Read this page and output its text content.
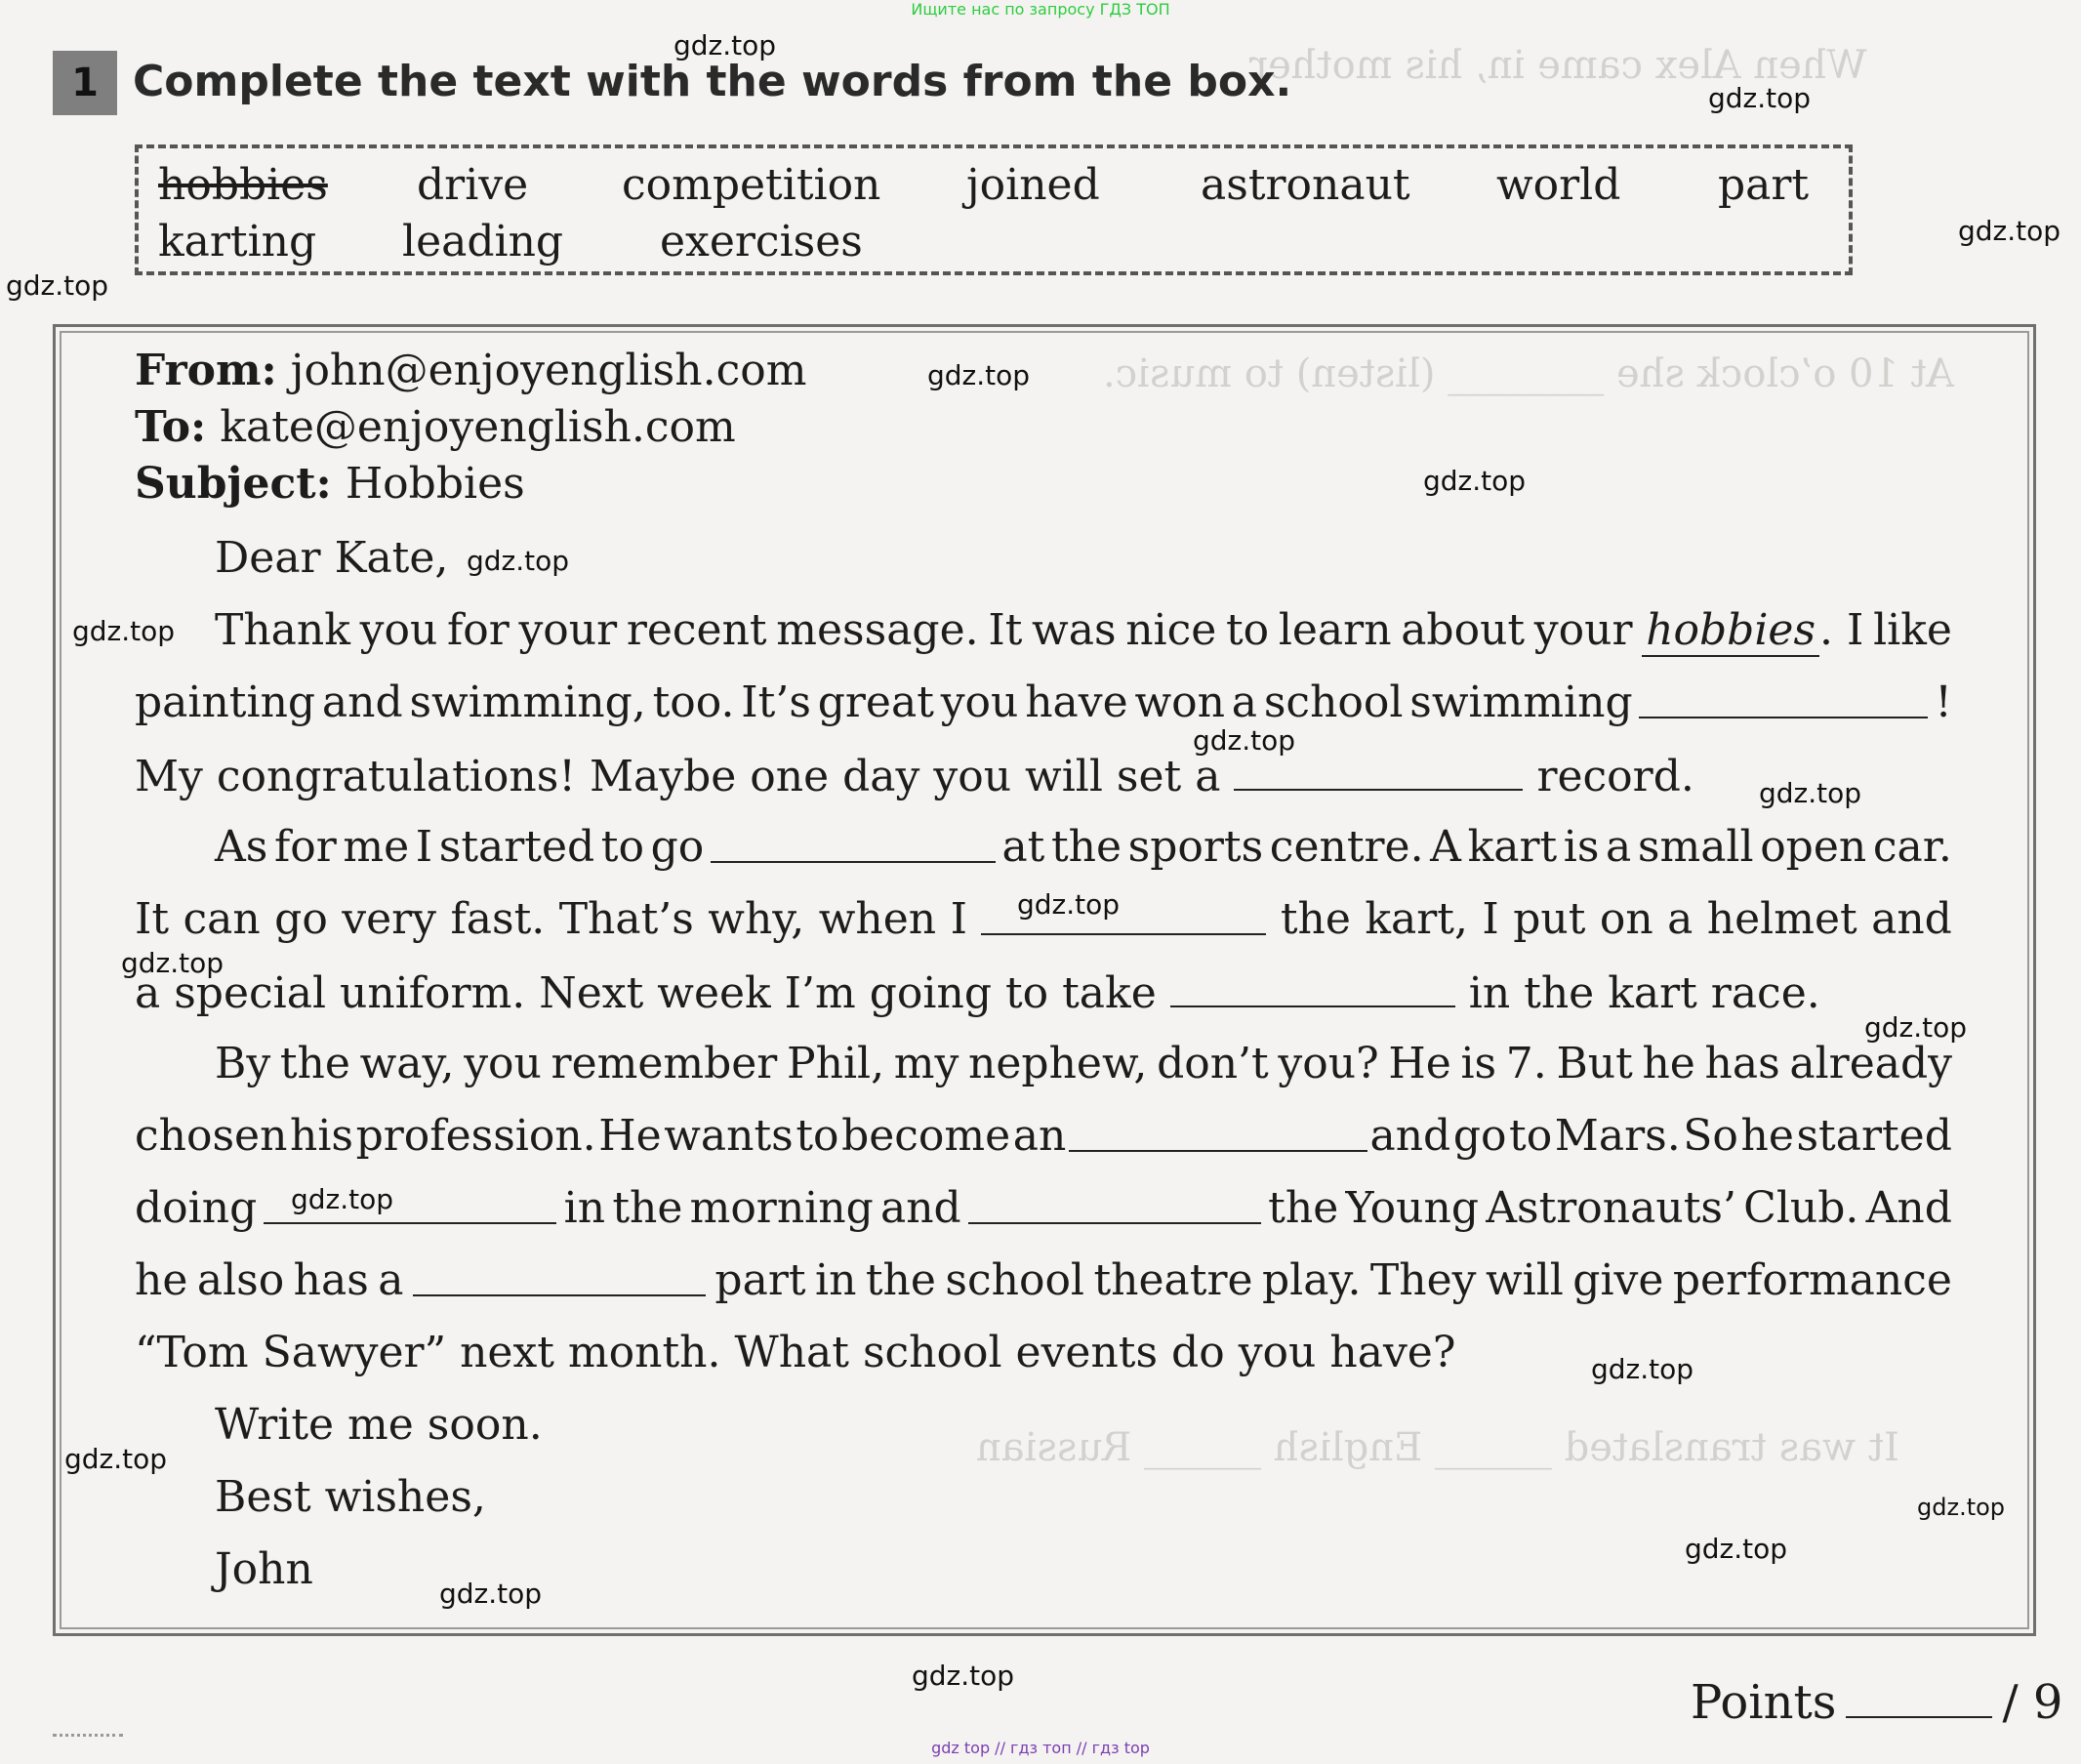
When Alex came in, his mother
At 10 o’clock she ________ (listen) to music.
It was translated ______ English ______ Russian
Ищите нас по запросу ГДЗ ТОП
1 Complete the text with the words from the box.
hobbies drive competition joined astronaut world part
karting leading exercises
From: john@enjoyenglish.com
To: kate@enjoyenglish.com
Subject: Hobbies
Dear Kate,
Thank you for your recent message. It was nice to learn about your hobbies. I like
painting and swimming, too. It’s great you have won a school swimming	!
My congratulations! Maybe one day you will set a	record.
As for me I started to go	at the sports centre. A kart is a small open car.
It can go very fast. That’s why, when I	the kart, I put on a helmet and
a special uniform. Next week I’m going to take	in the kart race.
By the way, you remember Phil, my nephew, don’t you? He is 7. But he has already
chosen his profession. He wants to become an	and go to Mars. So he started
doing	in the morning and	the Young Astronauts’ Club. And
he also has a	part in the school theatre play. They will give performance
“Tom Sawyer” next month. What school events do you have?
Write me soon.
Best wishes,
John
Points	/ 9
gdz.top
gdz.top
gdz.top
gdz.top
gdz.top
gdz.top
gdz.top
gdz.top
gdz.top
gdz.top
gdz.top
gdz.top
gdz.top
gdz.top
gdz.top
gdz.top
gdz.top
gdz.top
gdz.top
gdz.top
gdz top // гдз топ // гдз top
